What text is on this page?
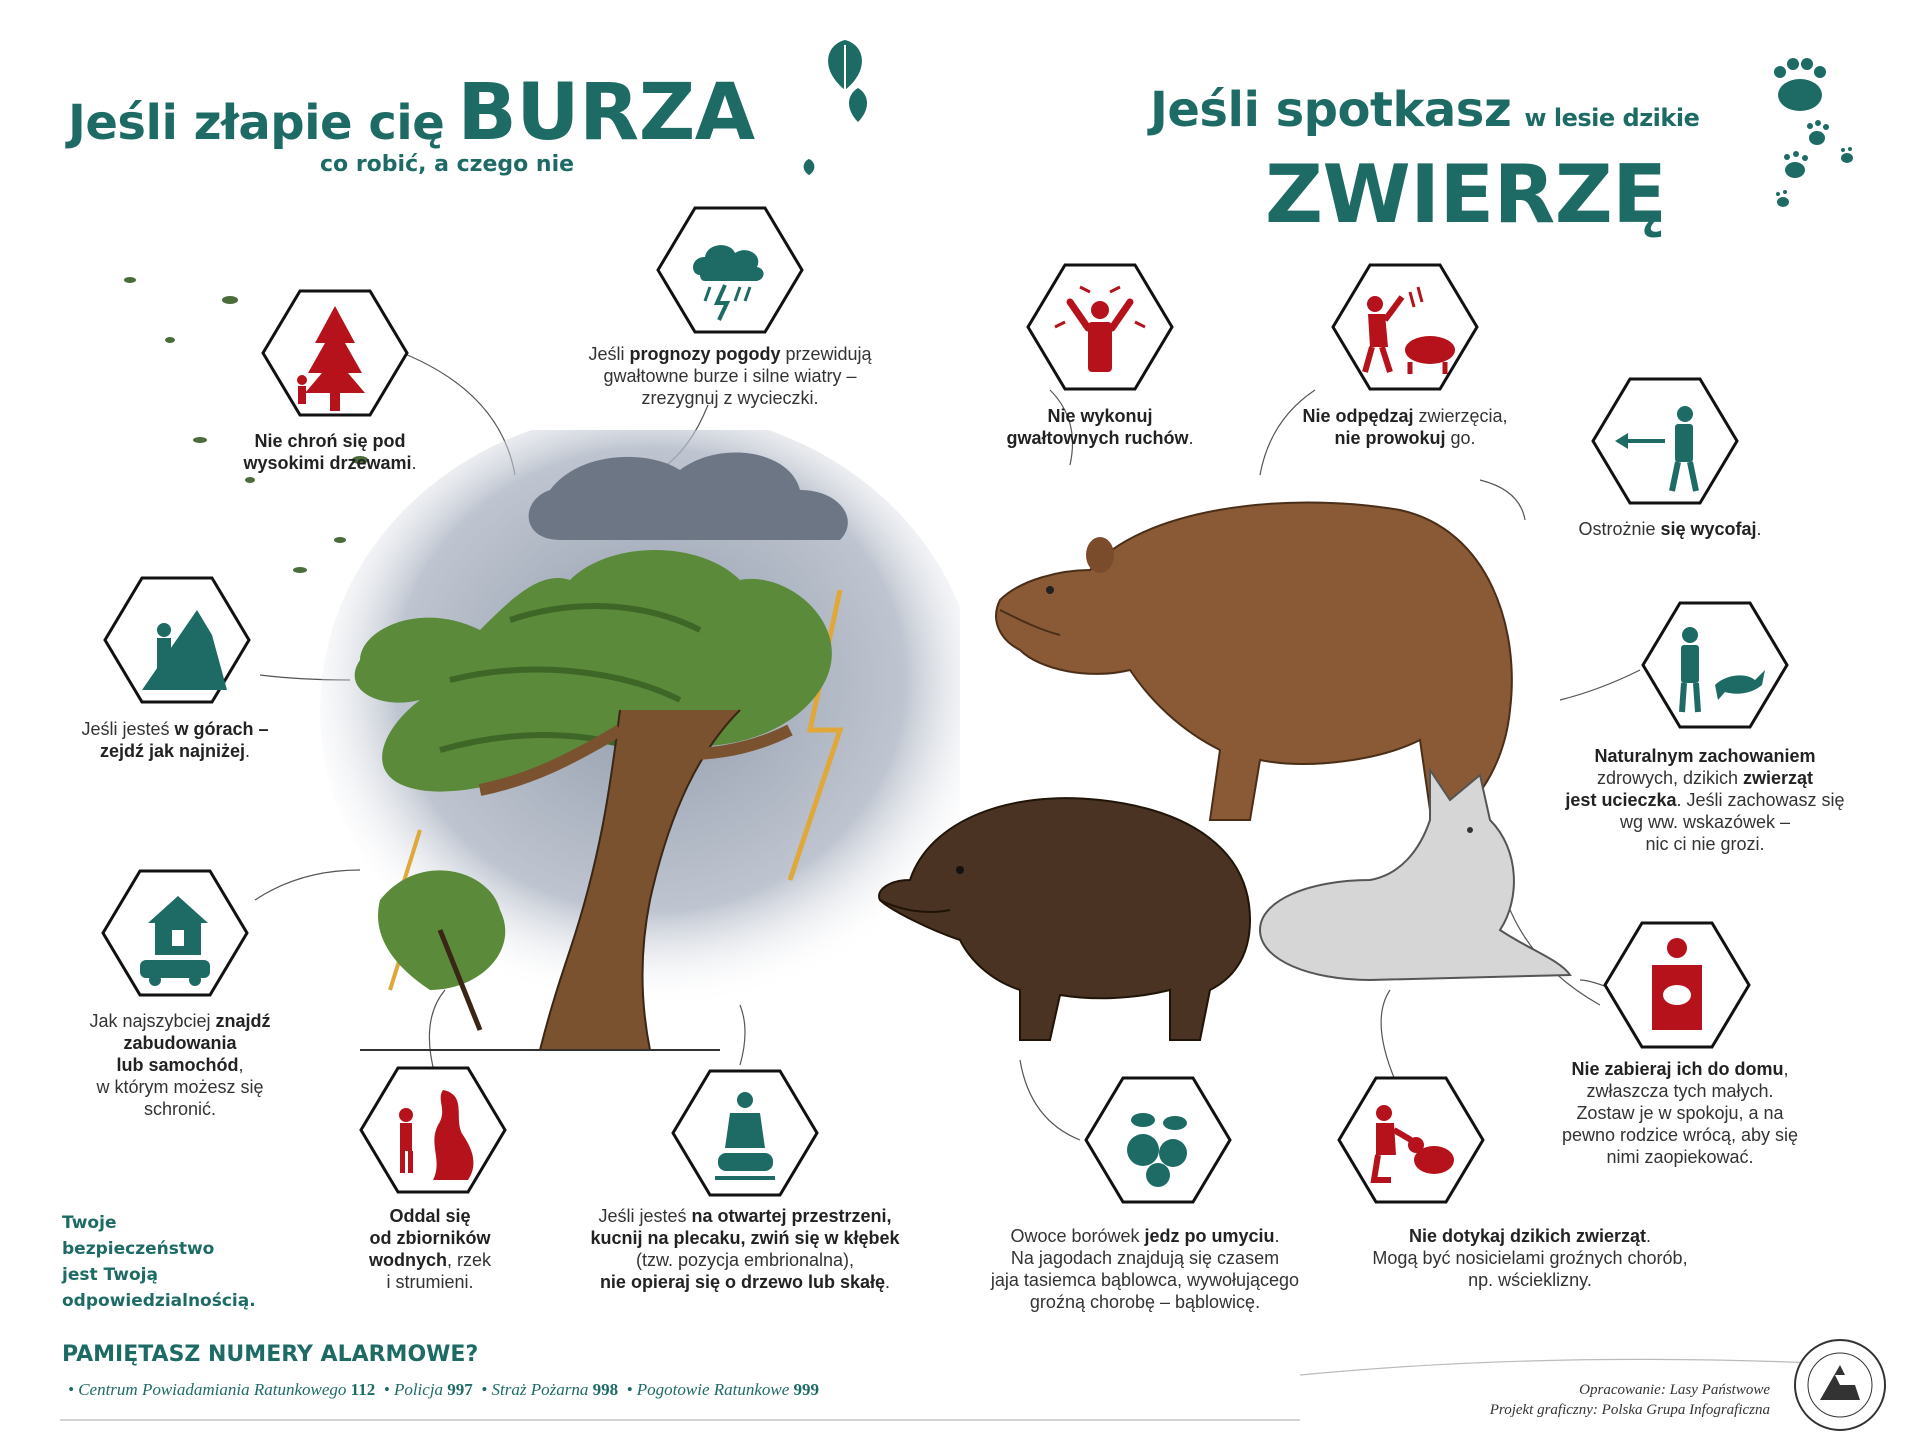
Jeśli złapie cię BURZA
co robić, a czego nie
Jeśli spotkasz w lesie dzikie
ZWIERZĘ
Nie chroń się pod
wysokimi drzewami.
Jeśli prognozy pogody przewidują
gwałtowne burze i silne wiatry –
zrezygnuj z wycieczki.
Jeśli jesteś w górach –
zejdź jak najniżej.
Jak najszybciej znajdź
zabudowania
lub samochód,
w którym możesz się
schronić.
Oddal się
od zbiorników
wodnych, rzek
i strumieni.
Jeśli jesteś na otwartej przestrzeni,
kucnij na plecaku, zwiń się w kłębek
(tzw. pozycja embrionalna),
nie opieraj się o drzewo lub skałę.
Nie wykonuj
gwałtownych ruchów.
Nie odpędzaj zwierzęcia,
nie prowokuj go.
Ostrożnie się wycofaj.
Naturalnym zachowaniem
zdrowych, dzikich zwierząt
jest ucieczka. Jeśli zachowasz się
wg ww. wskazówek –
nic ci nie grozi.
Nie zabieraj ich do domu,
zwłaszcza tych małych.
Zostaw je w spokoju, a na
pewno rodzice wrócą, aby się
nimi zaopiekować.
Nie dotykaj dzikich zwierząt.
Mogą być nosicielami groźnych chorób,
np. wścieklizny.
Owoce borówek jedz po umyciu.
Na jagodach znajdują się czasem
jaja tasiemca bąblowca, wywołującego
groźną chorobę – bąblowicę.
Twoje
bezpieczeństwo
jest Twoją
odpowiedzialnością.
PAMIĘTASZ NUMERY ALARMOWE?
• Centrum Powiadamiania Ratunkowego 112  • Policja 997  • Straż Pożarna 998  • Pogotowie Ratunkowe 999	Opracowanie: Lasy Państwowe
Projekt graficzny: Polska Grupa Infograficzna
